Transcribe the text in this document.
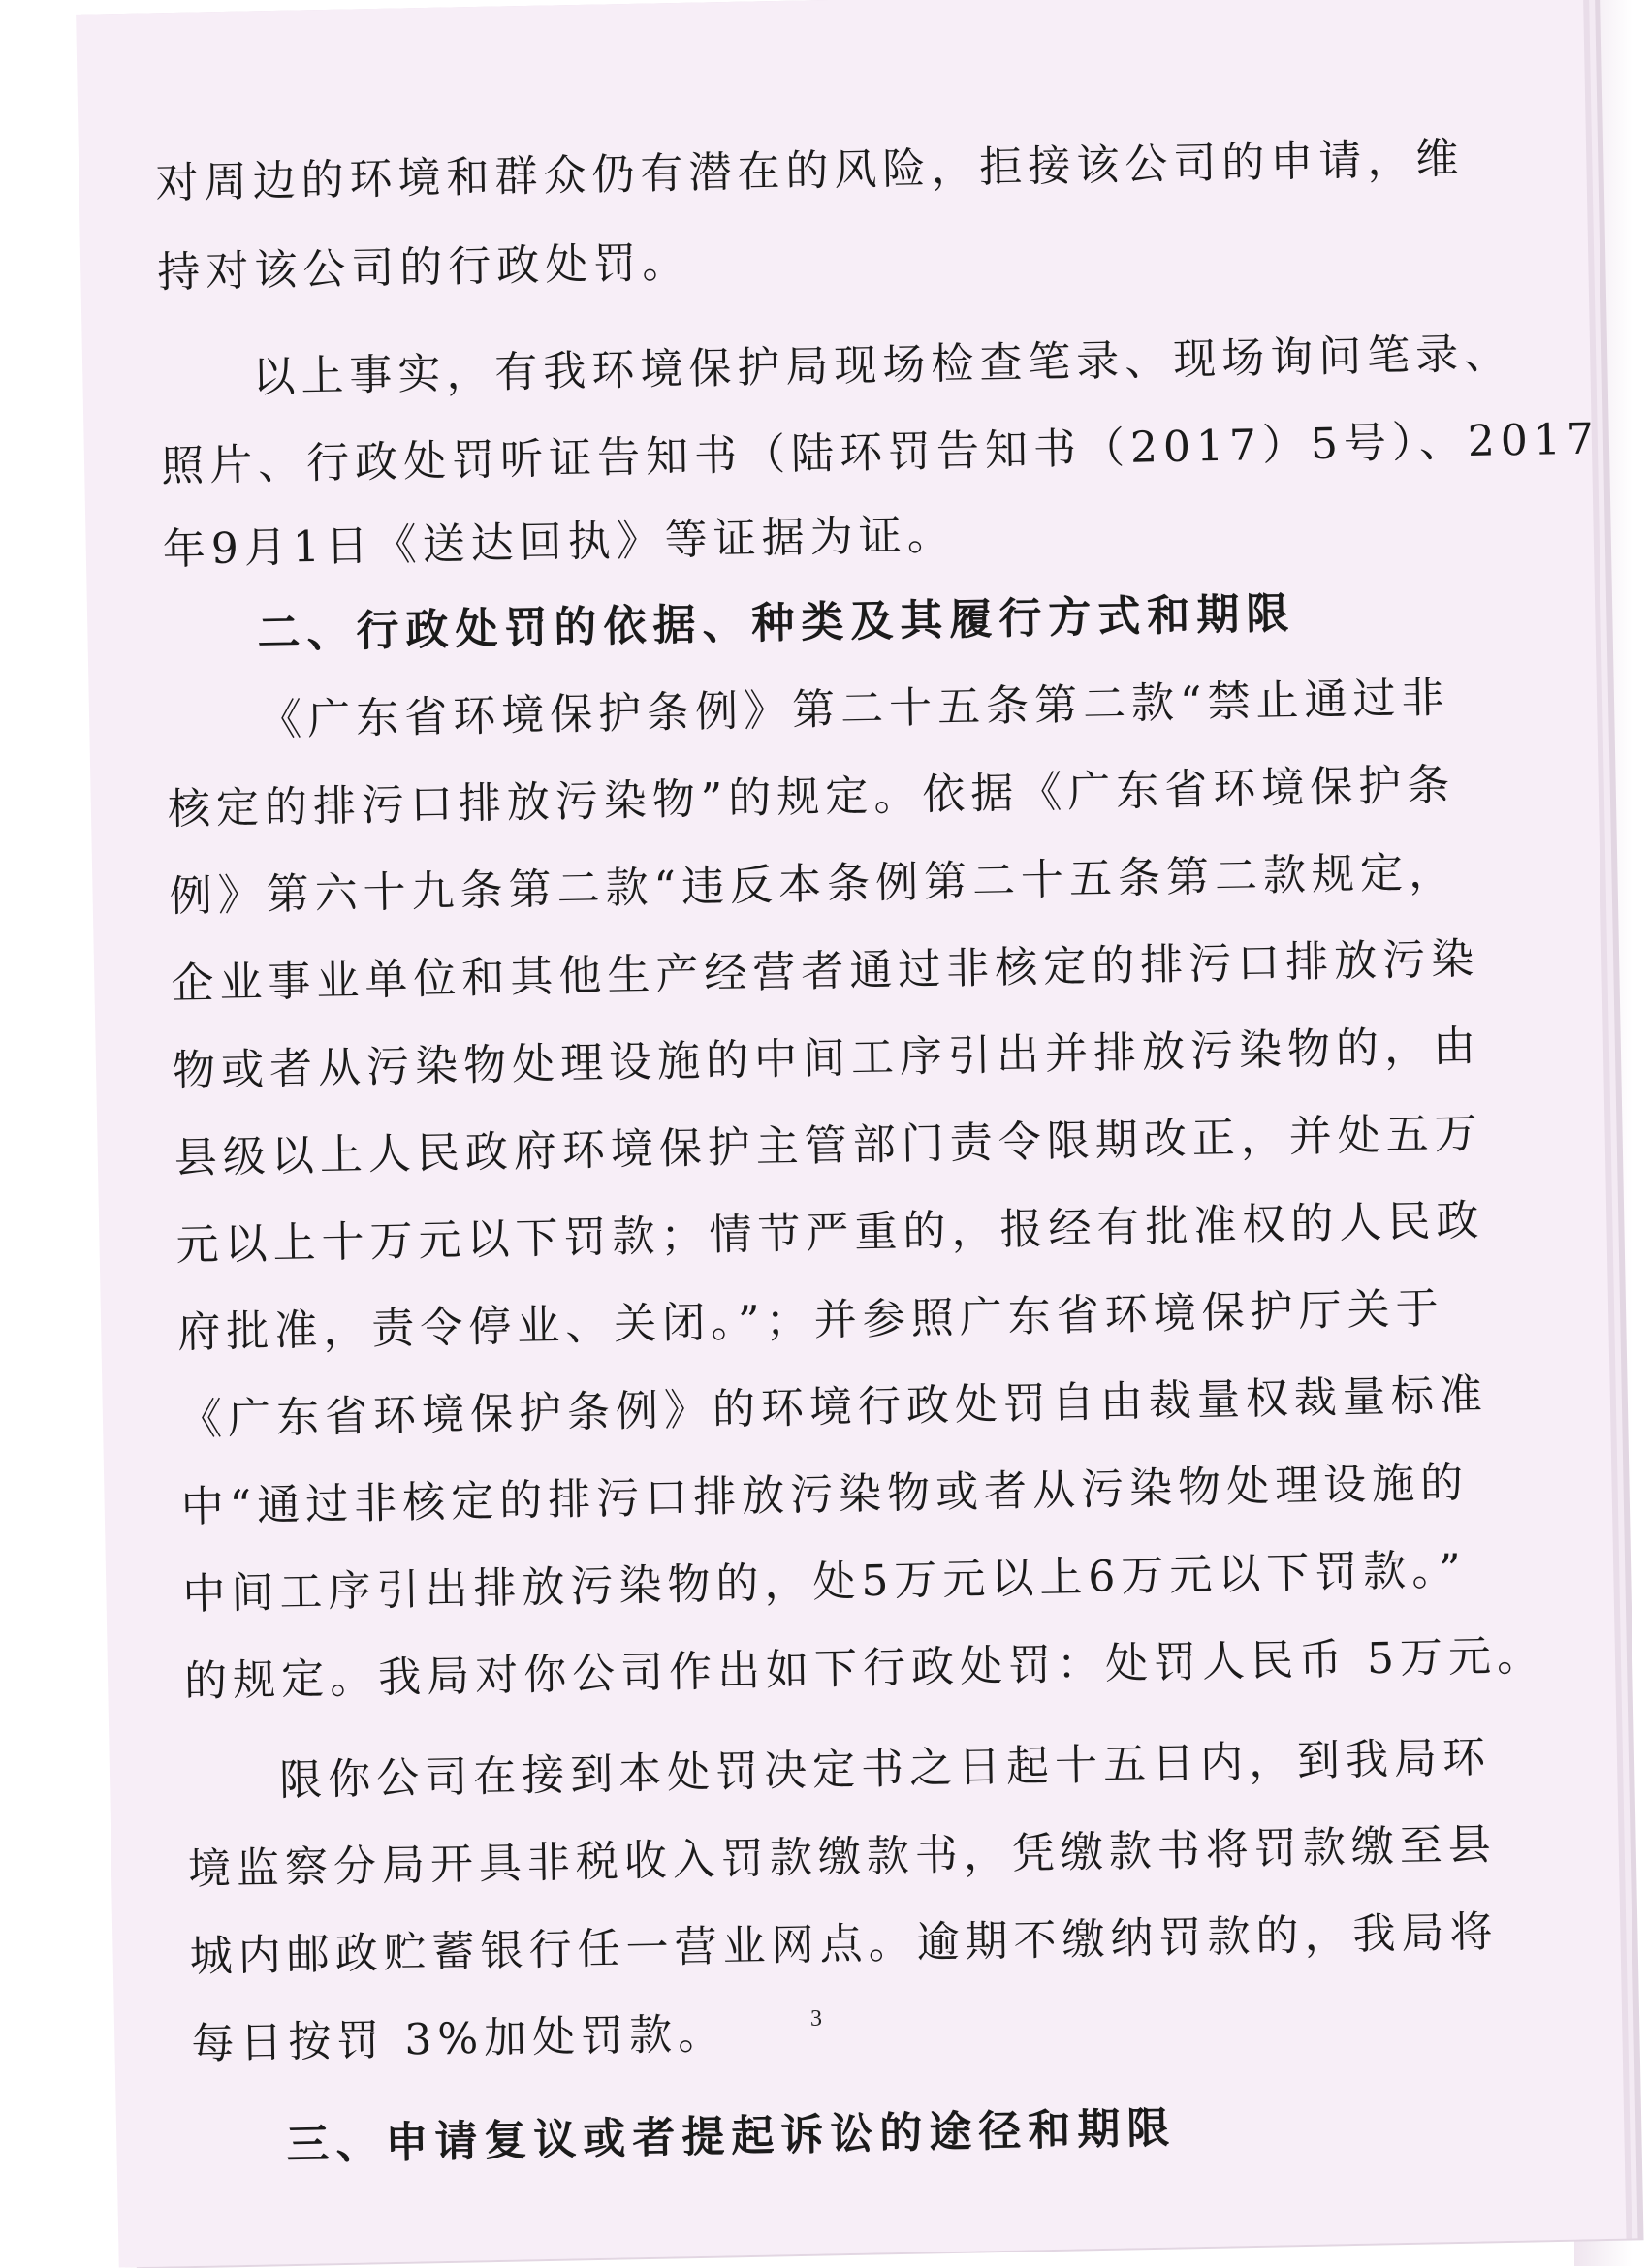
对周边的环境和群众仍有潜在的风险，拒接该公司的申请，维
持对该公司的行政处罚。
以上事实，有我环境保护局现场检查笔录、现场询问笔录、
照片、行政处罚听证告知书（陆环罚告知书（2017）5号）、2017
年9月1日《送达回执》等证据为证。
二、行政处罚的依据、种类及其履行方式和期限
《广东省环境保护条例》第二十五条第二款“禁止通过非
核定的排污口排放污染物”的规定。依据《广东省环境保护条
例》第六十九条第二款“违反本条例第二十五条第二款规定，
企业事业单位和其他生产经营者通过非核定的排污口排放污染
物或者从污染物处理设施的中间工序引出并排放污染物的，由
县级以上人民政府环境保护主管部门责令限期改正，并处五万
元以上十万元以下罚款；情节严重的，报经有批准权的人民政
府批准，责令停业、关闭。”；并参照广东省环境保护厅关于
《广东省环境保护条例》的环境行政处罚自由裁量权裁量标准
中“通过非核定的排污口排放污染物或者从污染物处理设施的
中间工序引出排放污染物的，处5万元以上6万元以下罚款。”
的规定。我局对你公司作出如下行政处罚：处罚人民币 5万元。
限你公司在接到本处罚决定书之日起十五日内，到我局环
境监察分局开具非税收入罚款缴款书，凭缴款书将罚款缴至县
城内邮政贮蓄银行任一营业网点。逾期不缴纳罚款的，我局将
每日按罚 3%加处罚款。
三、申请复议或者提起诉讼的途径和期限
3
